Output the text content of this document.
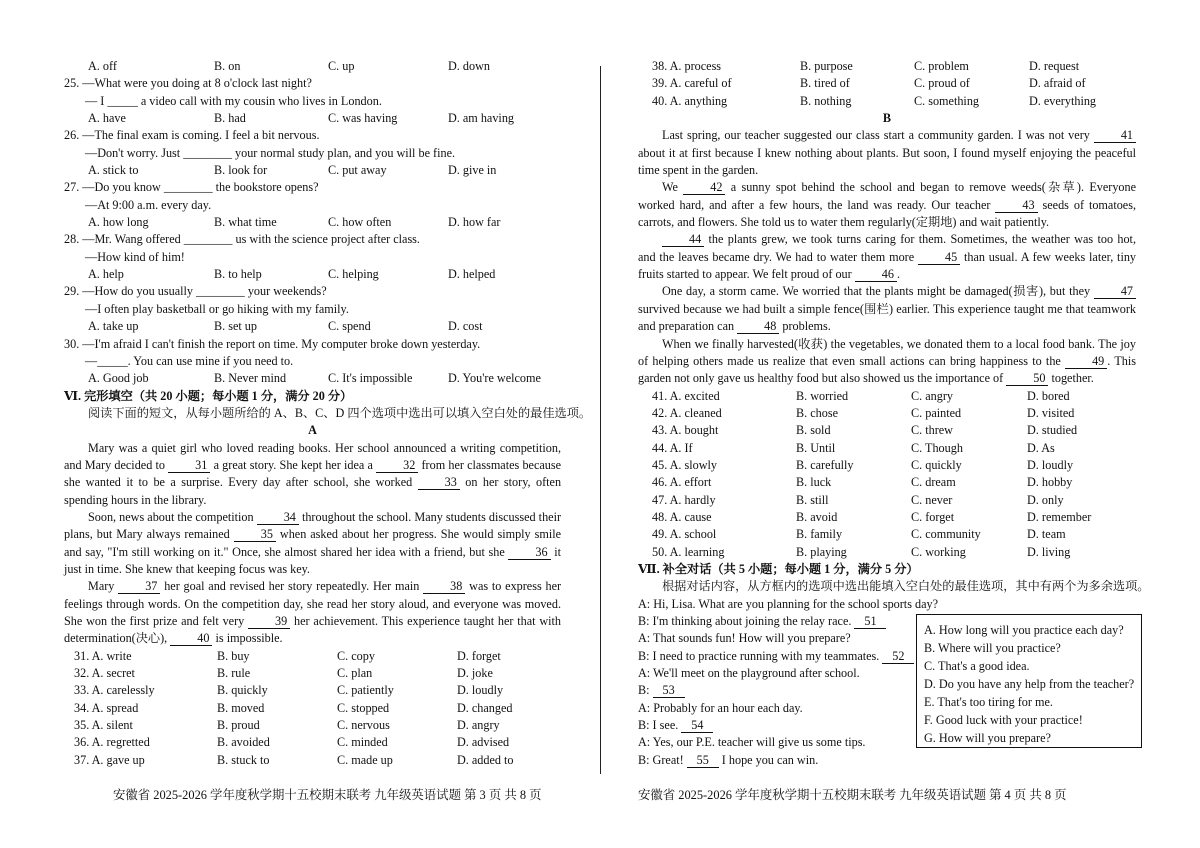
A. off	B. on	C. up	D. down
25. —What were you doing at 8 o'clock last night?
— I _____ a video call with my cousin who lives in London.
A. have	B. had	C. was having	D. am having
26. —The final exam is coming. I feel a bit nervous.
—Don't worry. Just ________ your normal study plan, and you will be fine.
A. stick to	B. look for	C. put away	D. give in
27. —Do you know ________ the bookstore opens?
—At 9:00 a.m. every day.
A. how long	B. what time	C. how often	D. how far
28. —Mr. Wang offered ________ us with the science project after class.
—How kind of him!
A. help	B. to help	C. helping	D. helped
29. —How do you usually ________ your weekends?
—I often play basketball or go hiking with my family.
A. take up	B. set up	C. spend	D. cost
30. —I'm afraid I can't finish the report on time. My computer broke down yesterday.
—_____. You can use mine if you need to.
A. Good job	B. Never mind	C. It's impossible	D. You're welcome
Ⅵ. 完形填空（共 20 小题；每小题 1 分，满分 20 分）
阅读下面的短文，从每小题所给的 A、B、C、D 四个选项中选出可以填入空白处的最佳选项。
A

Mary was a quiet girl who loved reading books. Her school announced a writing competition, and Mary decided to 31 a great story. She kept her idea a 32 from her classmates because she wanted it to be a surprise. Every day after school, she worked	33 on her story, often spending hours in the library.

Soon, news about the competition 34 throughout the school. Many students discussed their plans, but Mary always remained	35 when asked about her progress. She would simply smile and say, "I'm still working on it." Once, she almost shared her idea with a friend, but she	36 it just in time. She knew that keeping focus was key.

Mary	37 her goal and revised her story repeatedly. Her main	38 was to express her feelings through words. On the competition day, she read her story aloud, and everyone was moved. She won the first prize and felt very	39 her achievement. This experience taught her that with determination(决心), 40 is impossible.

31. A. write	B. buy	C. copy	D. forget
32. A. secret	B. rule	C. plan	D. joke
33. A. carelessly	B. quickly	C. patiently	D. loudly
34. A. spread	B. moved	C. stopped	D. changed
35. A. silent	B. proud	C. nervous	D. angry
36. A. regretted	B. avoided	C. minded	D. advised
37. A. gave up	B. stuck to	C. made up	D. added to
38. A. process	B. purpose	C. problem	D. request
39. A. careful of	B. tired of	C. proud of	D. afraid of
40. A. anything	B. nothing	C. something	D. everything
B

Last spring, our teacher suggested our class start a community garden. I was not very	41 about it at first because I knew nothing about plants. But soon, I found myself enjoying the peaceful time spent in the garden.

We	42 a sunny spot behind the school and began to remove weeds(杂草). Everyone worked hard, and after a few hours, the land was ready. Our teacher	43 seeds of tomatoes, carrots, and flowers. She told us to water them regularly(定期地) and wait patiently.

44 the plants grew, we took turns caring for them. Sometimes, the weather was too hot, and the leaves became dry. We had to water them more	45 than usual. A few weeks later, tiny fruits started to appear. We felt proud of our 46 .

One day, a storm came. We worried that the plants might be damaged(损害), but they	47 survived because we had built a simple fence(围栏) earlier. This experience taught me that teamwork and preparation can 48 problems.

When we finally harvested(收获) the vegetables, we donated them to a local food bank. The joy of helping others made us realize that even small actions can bring happiness to the	49 . This garden not only gave us healthy food but also showed us the importance of 50 together.

41. A. excited	B. worried	C. angry	D. bored
42. A. cleaned	B. chose	C. painted	D. visited
43. A. bought	B. sold	C. threw	D. studied
44. A. If	B. Until	C. Though	D. As
45. A. slowly	B. carefully	C. quickly	D. loudly
46. A. effort	B. luck	C. dream	D. hobby
47. A. hardly	B. still	C. never	D. only
48. A. cause	B. avoid	C. forget	D. remember
49. A. school	B. family	C. community	D. team
50. A. learning	B. playing	C. working	D. living
Ⅶ. 补全对话（共 5 小题；每小题 1 分，满分 5 分）
根据对话内容，从方框内的选项中选出能填入空白处的最佳选项，其中有两个为多余选项。
A: Hi, Lisa. What are you planning for the school sports day?
B: I'm thinking about joining the relay race. 51
A: That sounds fun! How will you prepare?
B: I need to practice running with my teammates. 52
A: We'll meet on the playground after school.
B: 53
A: Probably for an hour each day.
B: I see. 54
A: Yes, our P.E. teacher will give us some tips.
B: Great! 55 I hope you can win.
A. How long will you practice each day?
B. Where will you practice?
C. That's a good idea.
D. Do you have any help from the teacher?
E. That's too tiring for me.
F. Good luck with your practice!
G. How will you prepare?
安徽省 2025-2026 学年度秋学期十五校期末联考 九年级英语试题 第 3 页 共 8 页	安徽省 2025-2026 学年度秋学期十五校期末联考 九年级英语试题 第 4 页 共 8 页
